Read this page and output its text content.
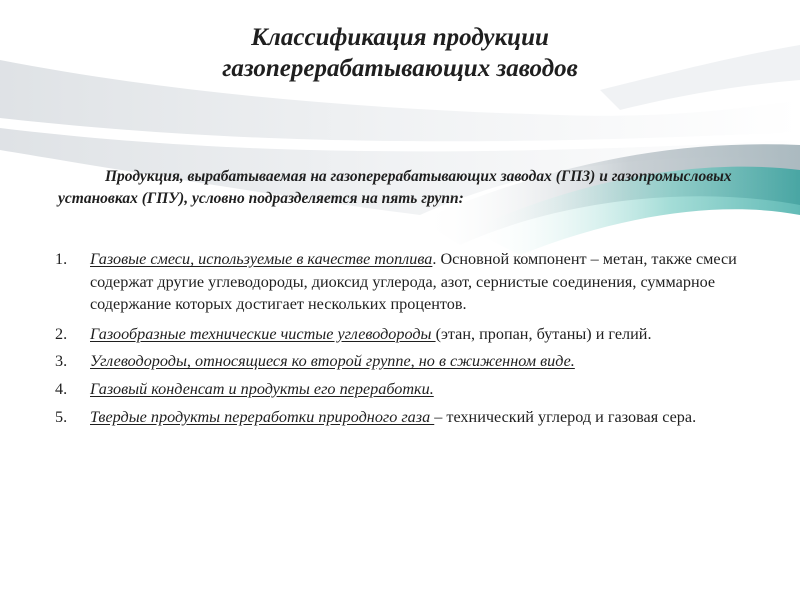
Классификация продукции
газоперерабатывающих заводов

Продукция, вырабатываемая на газоперерабатывающих заводах (ГПЗ) и газопромысловых установках (ГПУ), условно подразделяется на пять групп:

1. Газовые смеси, используемые в качестве топлива. Основной компонент – метан, также смеси содержат другие углеводороды, диоксид углерода, азот, сернистые соединения, суммарное содержание которых достигает нескольких процентов.
2. Газообразные технические чистые углеводороды (этан, пропан, бутаны) и гелий.
3. Углеводороды, относящиеся ко второй группе, но в сжиженном виде.
4. Газовый конденсат и продукты его переработки.
5. Твердые продукты переработки природного газа – технический углерод и газовая сера.
